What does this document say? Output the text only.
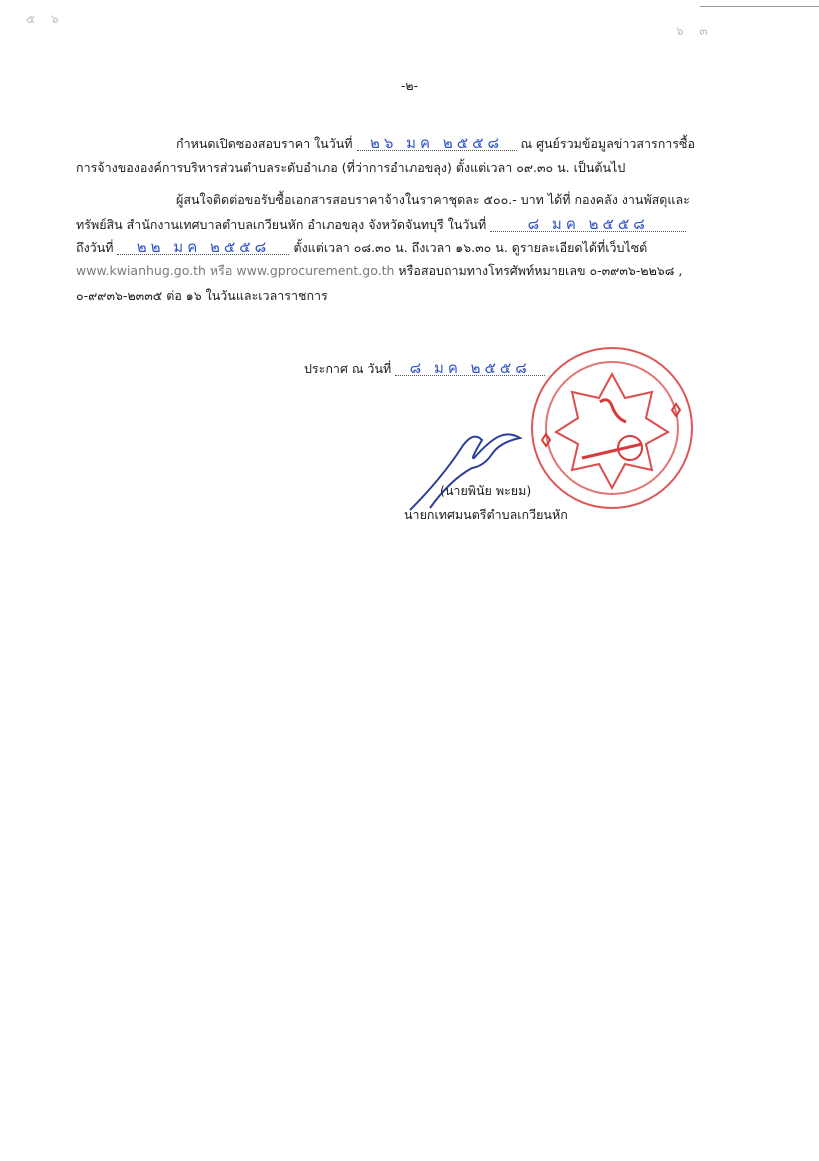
๕ ๖
๖ ๓
-๒-
กำหนดเปิดซองสอบราคา ในวันที่ ๒๖ มค ๒๕๕๘ ณ ศูนย์รวมข้อมูลข่าวสารการซื้อ
การจ้างขององค์การบริหารส่วนตำบลระดับอำเภอ (ที่ว่าการอำเภอขลุง) ตั้งแต่เวลา ๐๙.๓๐ น. เป็นต้นไป
ผู้สนใจติดต่อขอรับซื้อเอกสารสอบราคาจ้างในราคาชุดละ ๕๐๐.- บาท ได้ที่ กองคลัง งานพัสดุและ
ทรัพย์สิน สำนักงานเทศบาลตำบลเกวียนหัก อำเภอขลุง จังหวัดจันทบุรี ในวันที่	๘ มค ๒๕๕๘
ถึงวันที่ ๒๒ มค ๒๕๕๘ ตั้งแต่เวลา ๐๘.๓๐ น. ถึงเวลา ๑๖.๓๐ น. ดูรายละเอียดได้ที่เว็บไซต์
www.kwianhug.go.th หรือ www.gprocurement.go.th หรือสอบถามทางโทรศัพท์หมายเลข ๐-๓๙๓๖-๒๒๖๘ ,
๐-๙๙๓๖-๒๓๓๕ ต่อ ๑๖ ในวันและเวลาราชการ
ประกาศ ณ วันที่ ๘ มค ๒๕๕๘
(นายพินัย พะยม)
นายกเทศมนตรีตำบลเกวียนหัก
